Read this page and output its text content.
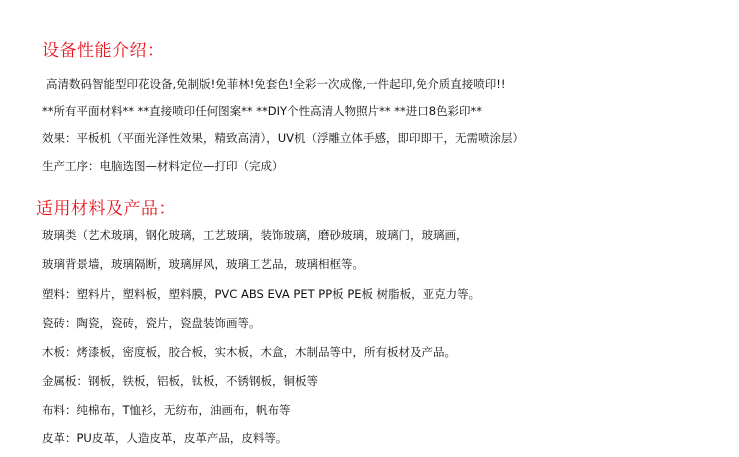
设备性能介绍：
高清数码智能型印花设备,免制版!免菲林!免套色!全彩一次成像,一件起印,免介质直接喷印!!
**所有平面材料** **直接喷印任何图案** **DIY个性高清人物照片** **进口8色彩印**
效果：平板机（平面光泽性效果，精致高清），UV机（浮雕立体手感，即印即干，无需喷涂层）
生产工序：电脑选图—材料定位—打印（完成）
适用材料及产品：
玻璃类（艺术玻璃，钢化玻璃，工艺玻璃，装饰玻璃，磨砂玻璃，玻璃门，玻璃画，
玻璃背景墙，玻璃隔断，玻璃屏风，玻璃工艺品，玻璃相框等。
塑料：塑料片，塑料板，塑料膜，PVC ABS EVA PET PP板 PE板 树脂板，亚克力等。
瓷砖：陶瓷，瓷砖，瓷片，瓷盘装饰画等。
木板：烤漆板，密度板，胶合板，实木板，木盒，木制品等中，所有板材及产品。
金属板：钢板，铁板，铝板，钛板，不锈钢板，铜板等
布料：纯棉布，T恤衫，无纺布，油画布，帆布等
皮革：PU皮革，人造皮革，皮革产品，皮料等。
